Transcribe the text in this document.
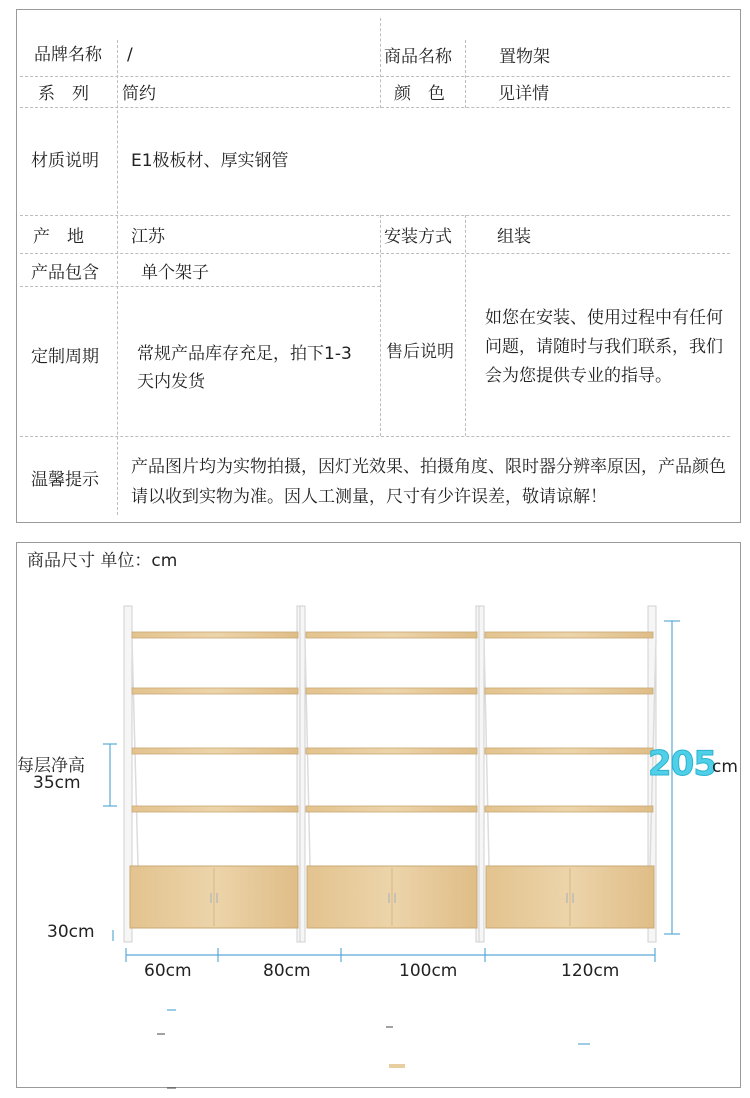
品牌名称 /	商品名称	置物架
系　列 简约	颜　色	见详情
材质说明 E1极板材、厚实钢管
产　地	江苏	安装方式	组装
产品包含 单个架子
定制周期 常规产品库存充足，拍下1-3天内发货
售后说明
如您在安装、使用过程中有任何问题，请随时与我们联系，我们会为您提供专业的指导。
温馨提示
产品图片均为实物拍摄，因灯光效果、拍摄角度、限时器分辨率原因，产品颜色请以收到实物为准。因人工测量，尺寸有少许误差，敬请谅解！
商品尺寸 单位：cm
每层净高
35cm
30cm
205
cm
60cm	80cm	100cm	120cm
